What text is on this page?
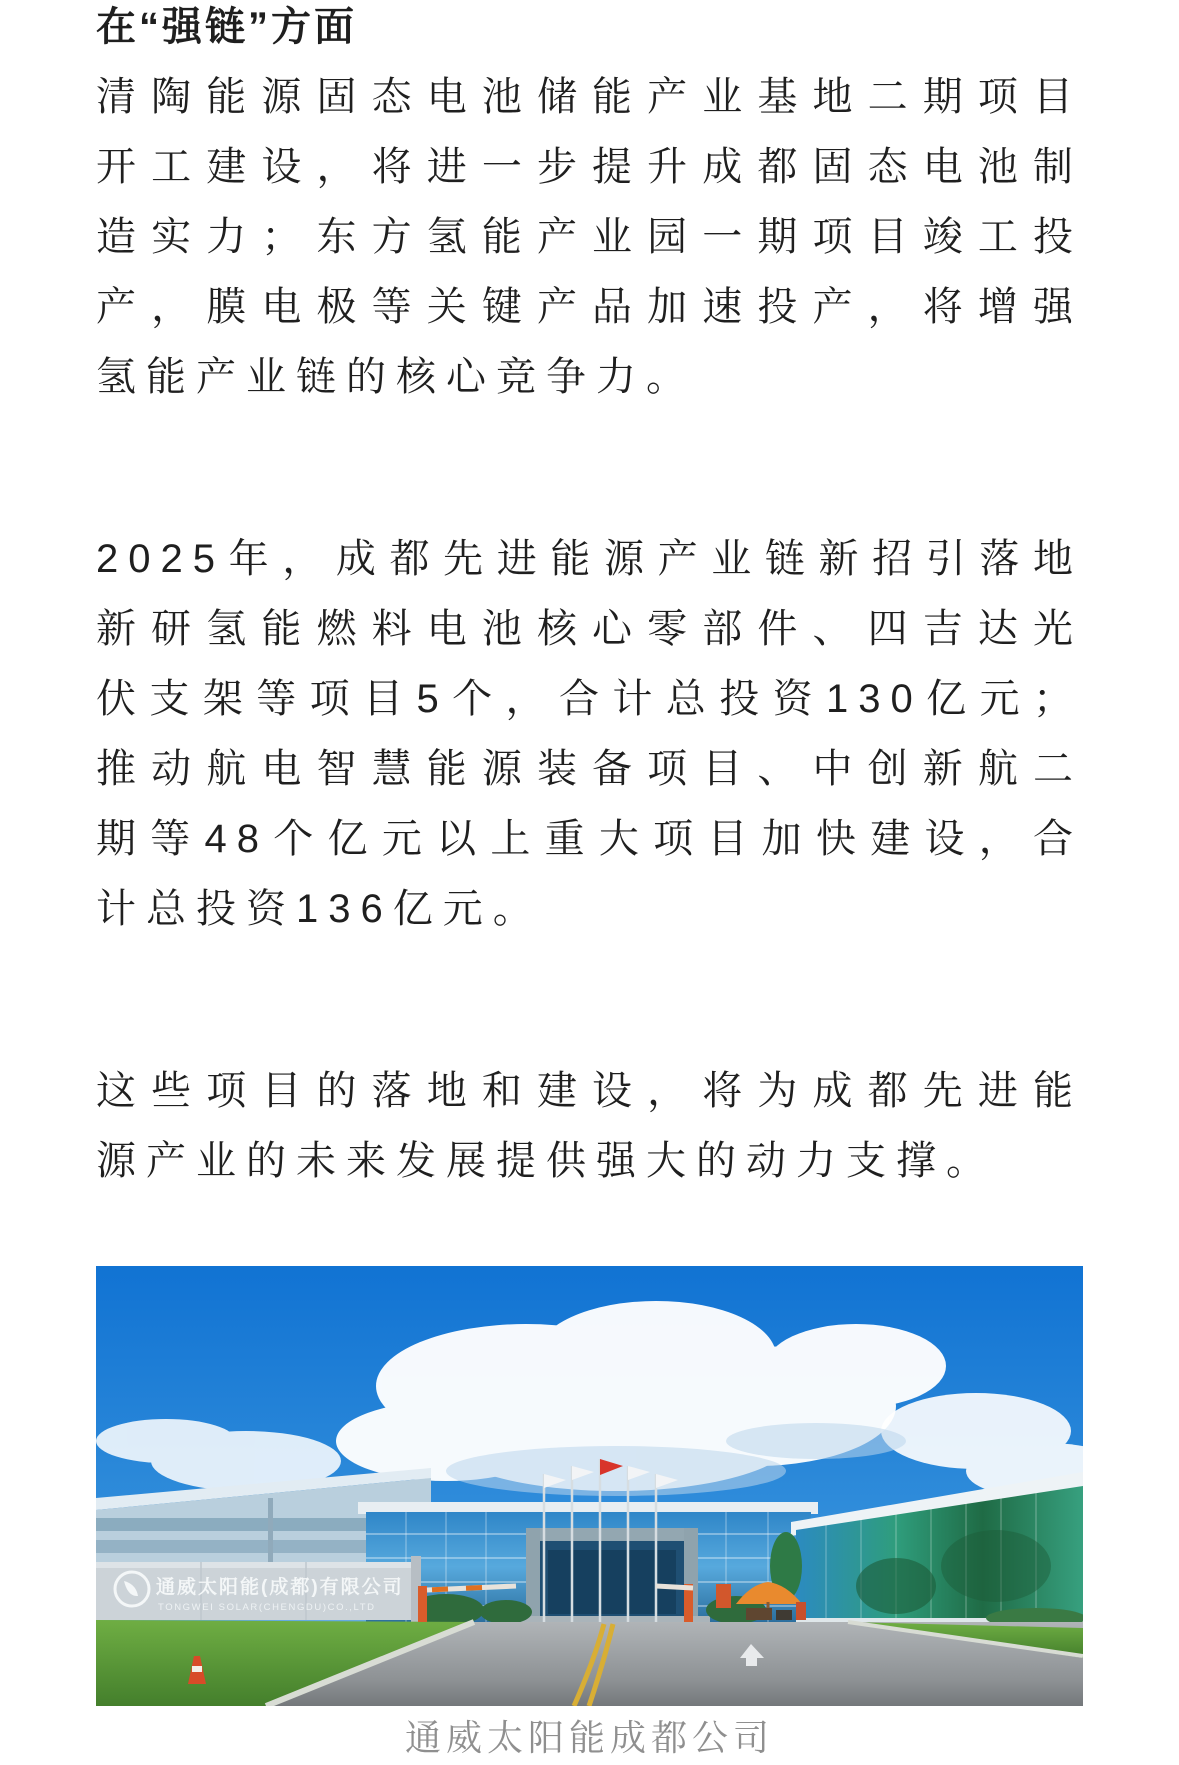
在“强链”方面

清陶能源固态电池储能产业基地二期项目
开工建设，将进一步提升成都固态电池制
造实力；东方氢能产业园一期项目竣工投
产，膜电极等关键产品加速投产，将增强
氢能产业链的核心竞争力。
2025年，成都先进能源产业链新招引落地
新研氢能燃料电池核心零部件、四吉达光
伏支架等项目5个，合计总投资130亿元；
推动航电智慧能源装备项目、中创新航二
期等48个亿元以上重大项目加快建设，合
计总投资136亿元。
这些项目的落地和建设，将为成都先进能
源产业的未来发展提供强大的动力支撑。
通威太阳能(成都)有限公司
TONGWEI SOLAR(CHENGDU)CO.,LTD
通威太阳能成都公司
